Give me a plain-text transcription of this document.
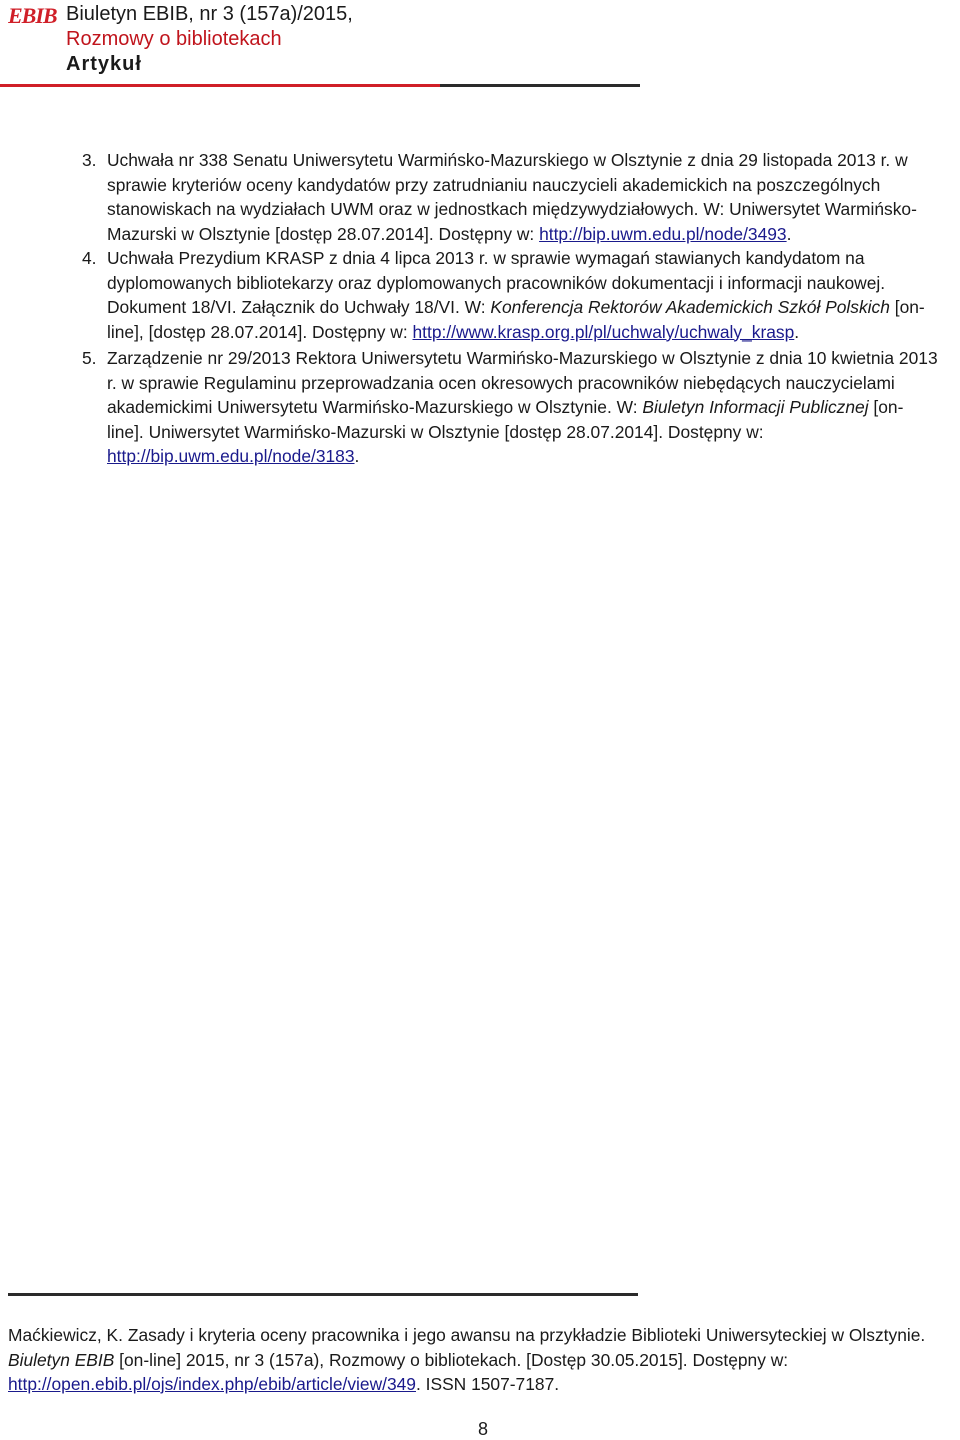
EBIB Biuletyn EBIB, nr 3 (157a)/2015,
Rozmowy o bibliotekach
Artykuł
3. Uchwała nr 338 Senatu Uniwersytetu Warmińsko-Mazurskiego w Olsztynie z dnia 29 listopada 2013 r. w sprawie kryteriów oceny kandydatów przy zatrudnianiu nauczycieli akademickich na poszczególnych stanowiskach na wydziałach UWM oraz w jednostkach międzywydziałowych. W: Uniwersytet Warmińsko-Mazurski w Olsztynie [dostęp 28.07.2014]. Dostępny w: http://bip.uwm.edu.pl/node/3493.
4. Uchwała Prezydium KRASP z dnia 4 lipca 2013 r. w sprawie wymagań stawianych kandydatom na dyplomowanych bibliotekarzy oraz dyplomowanych pracowników dokumentacji i informacji naukowej. Dokument 18/VI. Załącznik do Uchwały 18/VI. W: Konferencja Rektorów Akademickich Szkół Polskich [on-line], [dostęp 28.07.2014]. Dostępny w: http://www.krasp.org.pl/pl/uchwaly/uchwaly_krasp.
5. Zarządzenie nr 29/2013 Rektora Uniwersytetu Warmińsko-Mazurskiego w Olsztynie z dnia 10 kwietnia 2013 r. w sprawie Regulaminu przeprowadzania ocen okresowych pracowników niebędących nauczycielami akademickimi Uniwersytetu Warmińsko-Mazurskiego w Olsztynie. W: Biuletyn Informacji Publicznej [on-line]. Uniwersytet Warmińsko-Mazurski w Olsztynie [dostęp 28.07.2014]. Dostępny w: http://bip.uwm.edu.pl/node/3183.
Maćkiewicz, K. Zasady i kryteria oceny pracownika i jego awansu na przykładzie Biblioteki Uniwersyteckiej w Olsztynie. Biuletyn EBIB [on-line] 2015, nr 3 (157a), Rozmowy o bibliotekach. [Dostęp 30.05.2015]. Dostępny w: http://open.ebib.pl/ojs/index.php/ebib/article/view/349. ISSN 1507-7187.
8
